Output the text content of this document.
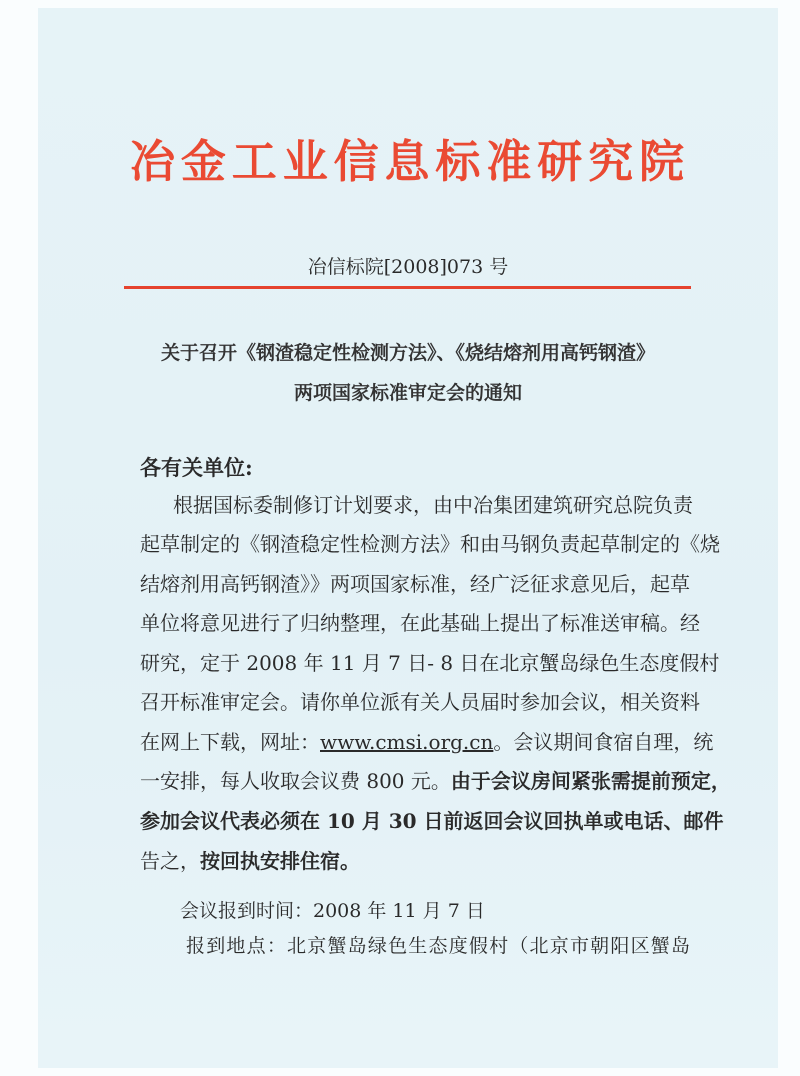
冶金工业信息标准研究院
冶信标院[2008]073 号
关于召开《钢渣稳定性检测方法》、《烧结熔剂用高钙钢渣》
两项国家标准审定会的通知
各有关单位:
根据国标委制修订计划要求，由中冶集团建筑研究总院负责
起草制定的《钢渣稳定性检测方法》和由马钢负责起草制定的《烧
结熔剂用高钙钢渣》》两项国家标准，经广泛征求意见后，起草
单位将意见进行了归纳整理，在此基础上提出了标准送审稿。经
研究，定于 2008 年 11 月 7 日- 8 日在北京蟹岛绿色生态度假村
召开标准审定会。请你单位派有关人员届时参加会议，相关资料
在网上下载，网址：www.cmsi.org.cn。会议期间食宿自理，统
一安排，每人收取会议费 800 元。由于会议房间紧张需提前预定，
参加会议代表必须在 10 月 30 日前返回会议回执单或电话、邮件
告之，按回执安排住宿。
会议报到时间：2008 年 11 月 7 日
报到地点：北京蟹岛绿色生态度假村（北京市朝阳区蟹岛
